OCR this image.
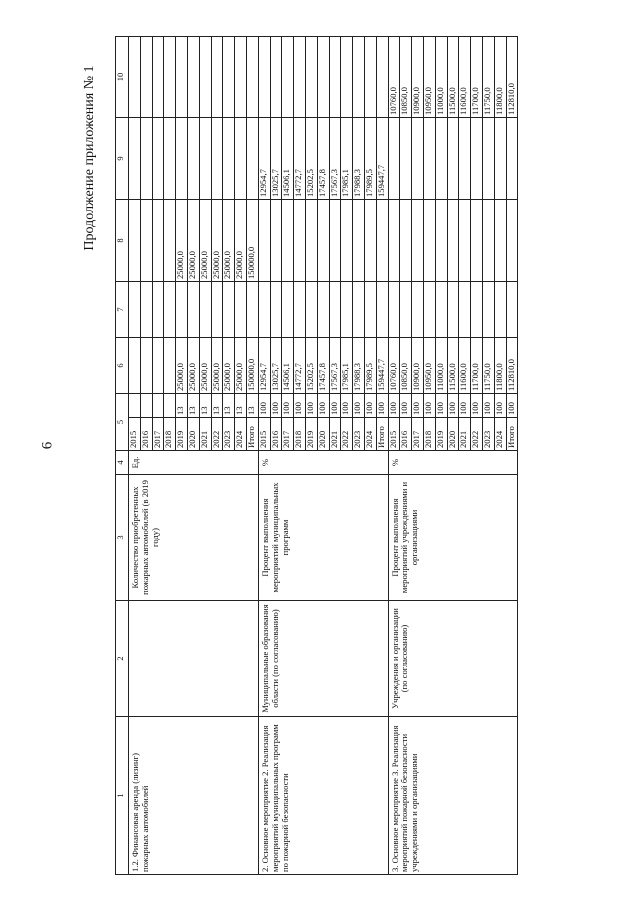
6
Продолжение приложения № 1
1	2	3	4	5		6	7	8	9	10
1.2. Финансовая аренда (лизинг) пожарных автомобилей		Количество приобретенных пожарных автомобилей (в 2019 году)	Ед.	2015						
				2016						
				2017						
				2018						
				2019	13	25000,0		25000,0		
				2020	13	25000,0		25000,0		
				2021	13	25000,0		25000,0		
				2022	13	25000,0		25000,0		
				2023	13	25000,0		25000,0		
				2024	13	25000,0		25000,0		
				Итого	13	150000,0		150000,0		
2. Основное мероприятие 2. Реализация мероприятий муниципальных программ по пожарной безопасности	Муниципальные образования области (по согласованию)	Процент выполнения мероприятий муниципальных программ	%	2015	100	12954,7			12954,7	
				2016	100	13025,7			13025,7	
				2017	100	14506,1			14506,1	
				2018	100	14772,7			14772,7	
				2019	100	15202,5			15202,5	
				2020	100	17457,8			17457,8	
				2021	100	17567,3			17567,3	
				2022	100	17985,1			17985,1	
				2023	100	17988,3			17988,3	
				2024	100	17989,5			17989,5	
				Итого	100	159447,7			159447,7	
3. Основное мероприятие 3. Реализация мероприятий пожарной безопасности учреждениями и организациями	Учреждения и организации (по согласованию)	Процент выполнения мероприятий учреждениями и организациями	%	2015	100	10760,0				10760,0
				2016	100	10850,0				10850,0
				2017	100	10900,0				10900,0
				2018	100	10950,0				10950,0
				2019	100	11000,0				11000,0
				2020	100	11500,0				11500,0
				2021	100	11600,0				11600,0
				2022	100	11700,0				11700,0
				2023	100	11750,0				11750,0
				2024	100	11800,0				11800,0
				Итого	100	112810,0				112810,0
